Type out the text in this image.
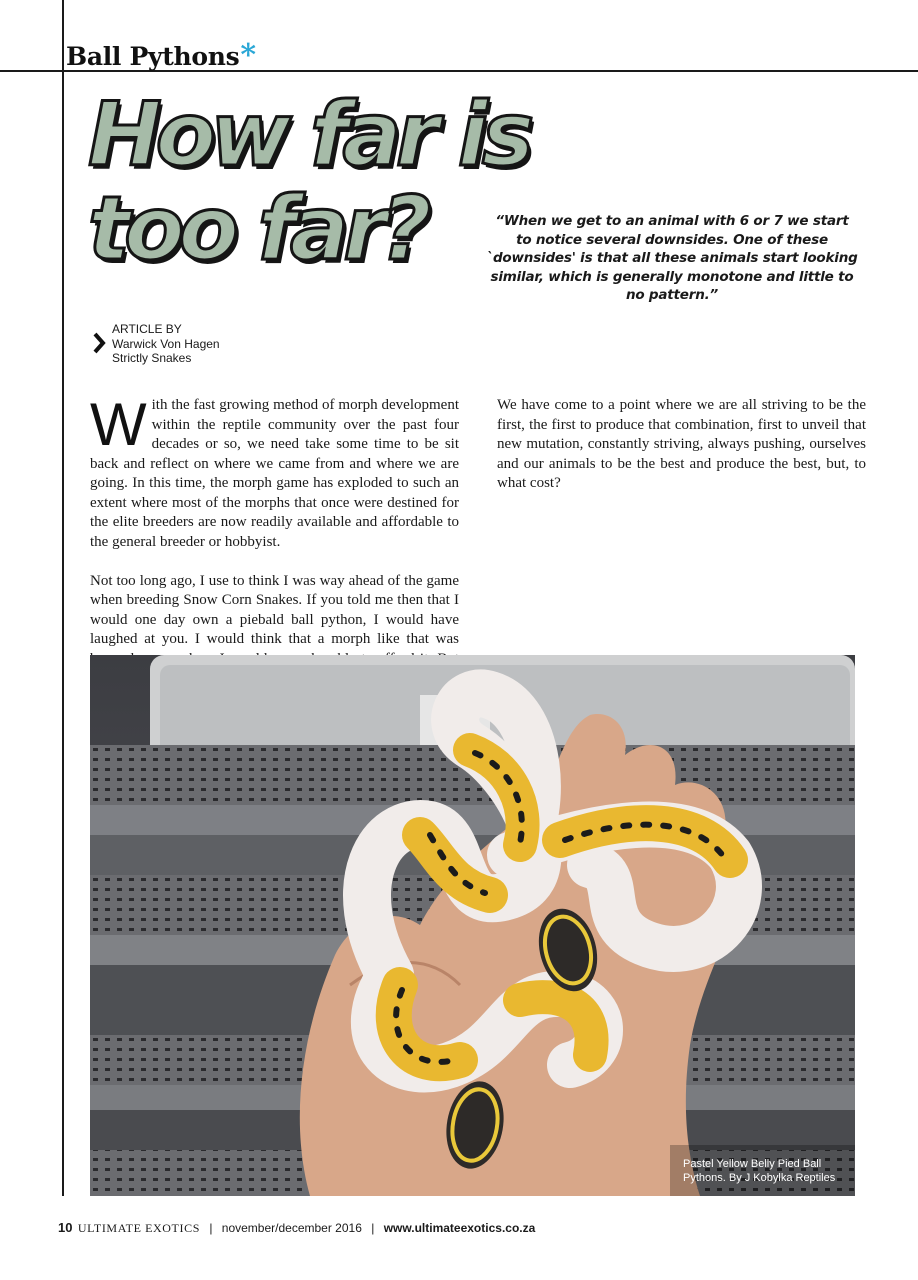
Ball Pythons*
How far is
too far?	“When we get to an animal with 6 or 7 we start to notice several downsides. One of these `downsides' is that all these animals start looking similar, which is generally monotone and little to no pattern.”
ARTICLE BY
Warwick Von Hagen
Strictly Snakes

With the fast growing method of morph development within the reptile community over the past four decades or so, we need take some time to be sit back and reflect on where we came from and where we are going. In this time, the morph game has exploded to such an extent where most of the morphs that once were destined for the elite breeders are now readily available and affordable to the general breeder or hobbyist.

Not too long ago, I use to think I was way ahead of the game when breeding Snow Corn Snakes. If you told me then that I would one day own a piebald ball python, I would have laughed at you. I would think that a morph like that was

We have come to a point where we are all striving to be the first, the first to produce that combination, first to unveil that new mutation, constantly striving, always pushing, ourselves and our animals to be the best and produce the best, but, to what cost?

Pastel Yellow Belly Pied Ball Pythons. By J Kobylka Reptiles
10 ULTIMATE EXOTICS | november/december 2016 | www.ultimateexotics.co.za
